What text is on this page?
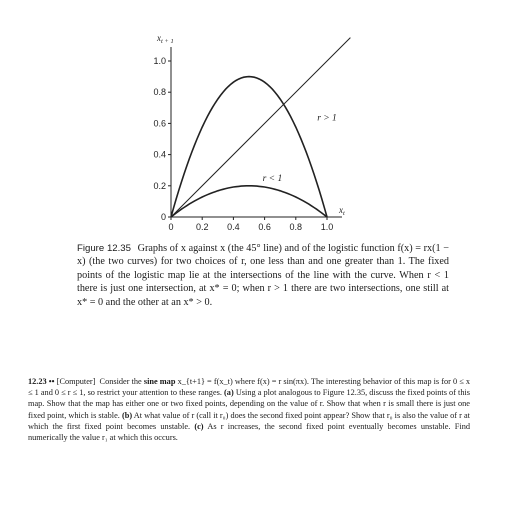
$x_{t + 1}$
$x_t$
0
0.2
0.4
0.6
0.8
1.0
0 0.2 0.4 0.6 0.8 1.0
r < 1
r > 1
Figure 12.35 Graphs of x against x (the 45° line) and of the logistic function f(x) = rx(1 − x) (the two curves) for two choices of r, one less than and one greater than 1. The fixed points of the logistic map lie at the intersections of the line with the curve. When r < 1 there is just one intersection, at x* = 0; when r > 1 there are two intersections, one still at x* = 0 and the other at an x* > 0.
12.23 •• [Computer] Consider the sine map x_{t+1} = f(x_t) where f(x) = r sin(πx). The interesting behavior of this map is for 0 ≤ x ≤ 1 and 0 ≤ r ≤ 1, so restrict your attention to these ranges. (a) Using a plot analogous to Figure 12.35, discuss the fixed points of this map. Show that the map has either one or two fixed points, depending on the value of r. Show that when r is small there is just one fixed point, which is stable. (b) At what value of r (call it r₀) does the second fixed point appear? Show that r₀ is also the value of r at which the first fixed point becomes unstable. (c) As r increases, the second fixed point eventually becomes unstable. Find numerically the value r₁ at which this occurs.
